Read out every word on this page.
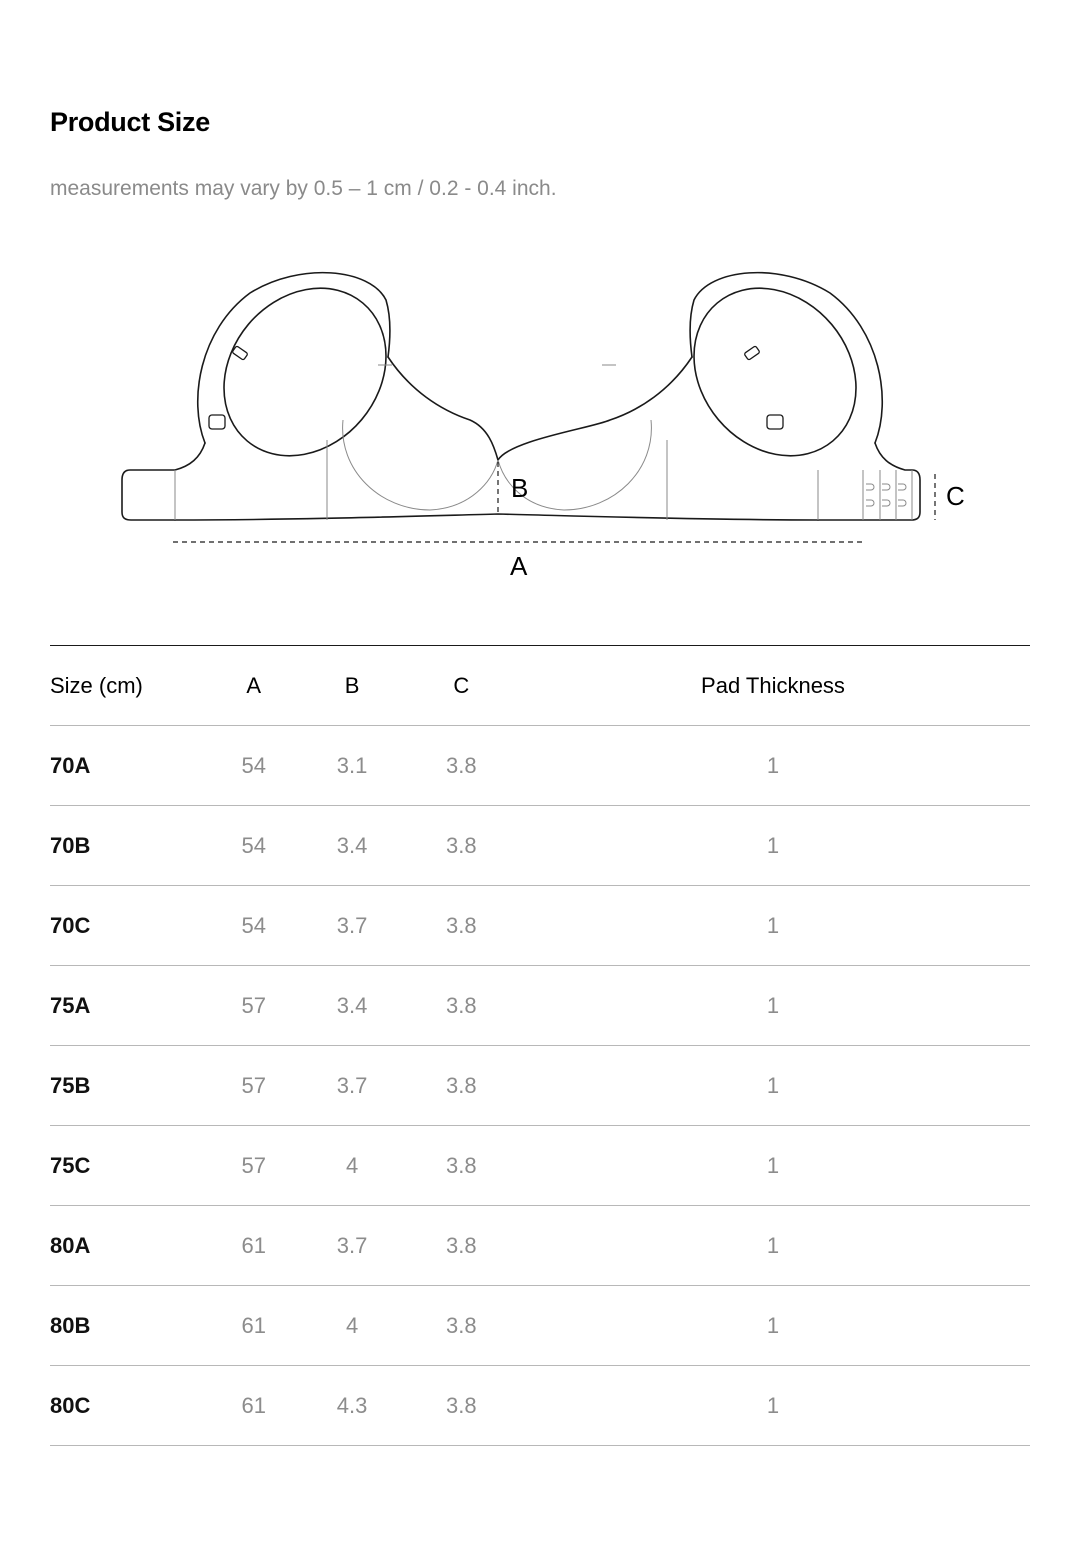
Product Size

measurements may vary by 0.5 – 1 cm / 0.2 - 0.4 inch.

A
B	C
Size (cm)	A	B	C	Pad Thickness
70A	54	3.1	3.8	1
70B	54	3.4	3.8	1
70C	54	3.7	3.8	1
75A	57	3.4	3.8	1
75B	57	3.7	3.8	1
75C	57	4	3.8	1
80A	61	3.7	3.8	1
80B	61	4	3.8	1
80C	61	4.3	3.8	1
